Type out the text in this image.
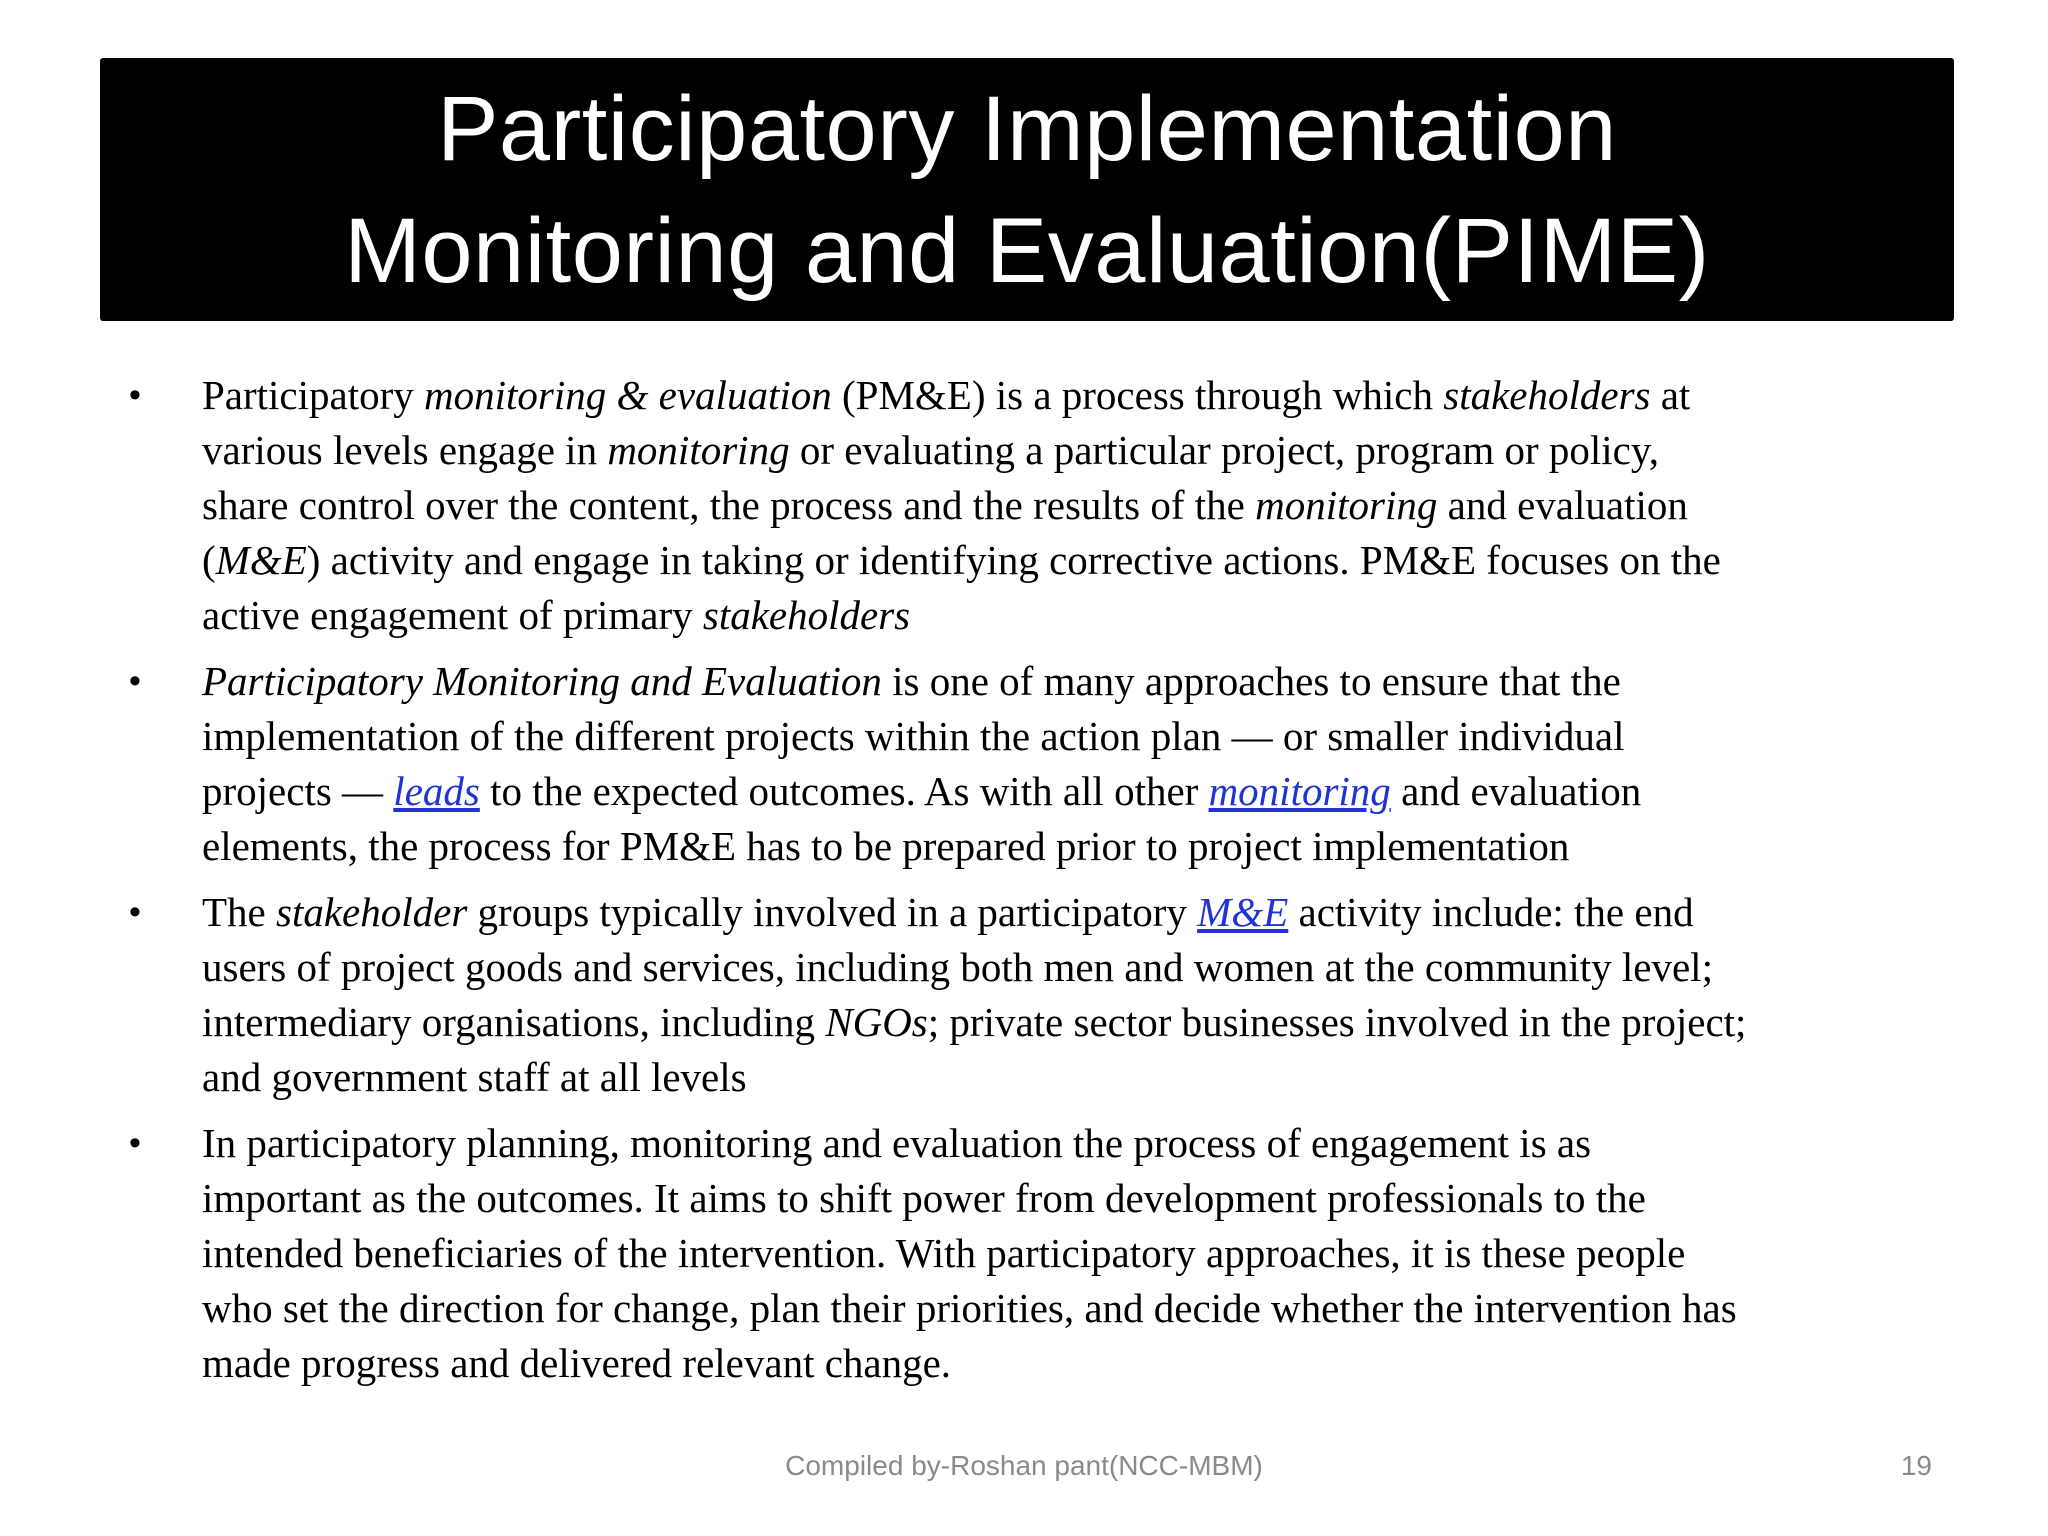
Participatory Implementation
Monitoring and Evaluation(PIME)
• Participatory monitoring & evaluation (PM&E) is a process through which stakeholders at
various levels engage in monitoring or evaluating a particular project, program or policy,
share control over the content, the process and the results of the monitoring and evaluation
(M&E) activity and engage in taking or identifying corrective actions. PM&E focuses on the
active engagement of primary stakeholders
• Participatory Monitoring and Evaluation is one of many approaches to ensure that the
implementation of the different projects within the action plan ― or smaller individual
projects ― leads to the expected outcomes. As with all other monitoring and evaluation
elements, the process for PM&E has to be prepared prior to project implementation
• The stakeholder groups typically involved in a participatory M&E activity include: the end
users of project goods and services, including both men and women at the community level;
intermediary organisations, including NGOs; private sector businesses involved in the project;
and government staff at all levels
• In participatory planning, monitoring and evaluation the process of engagement is as
important as the outcomes. It aims to shift power from development professionals to the
intended beneficiaries of the intervention. With participatory approaches, it is these people
who set the direction for change, plan their priorities, and decide whether the intervention has
made progress and delivered relevant change.
Compiled by-Roshan pant(NCC-MBM)	19
